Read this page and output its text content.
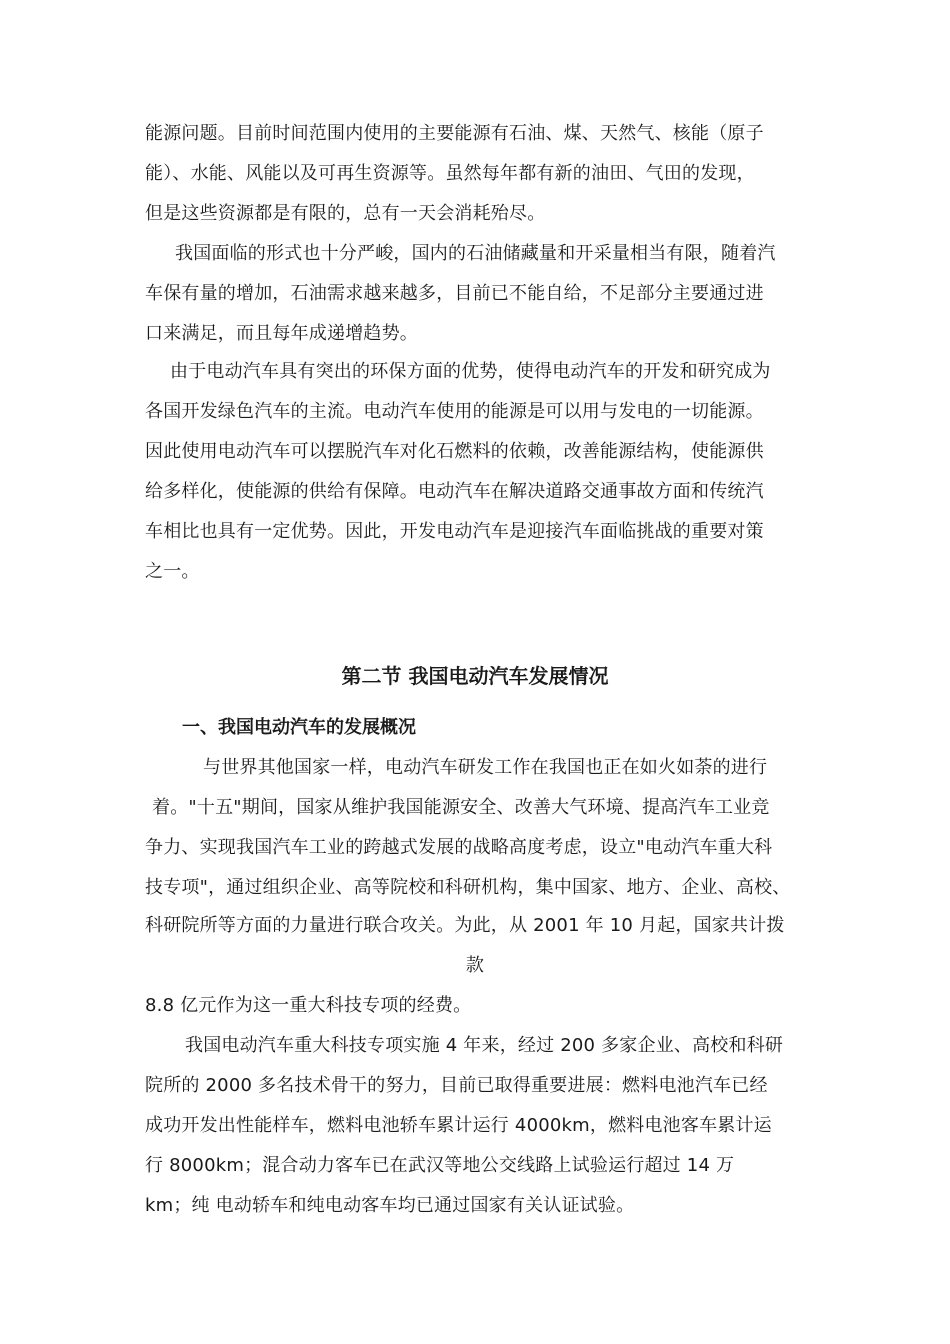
能源问题。目前时间范围内使用的主要能源有石油、煤、天然气、核能（原子
能）、水能、风能以及可再生资源等。虽然每年都有新的油田、气田的发现，
但是这些资源都是有限的，总有一天会消耗殆尽。
我国面临的形式也十分严峻，国内的石油储藏量和开采量相当有限，随着汽
车保有量的增加，石油需求越来越多，目前已不能自给，不足部分主要通过进
口来满足，而且每年成递增趋势。
由于电动汽车具有突出的环保方面的优势，使得电动汽车的开发和研究成为
各国开发绿色汽车的主流。电动汽车使用的能源是可以用与发电的一切能源。
因此使用电动汽车可以摆脱汽车对化石燃料的依赖，改善能源结构，使能源供
给多样化，使能源的供给有保障。电动汽车在解决道路交通事故方面和传统汽
车相比也具有一定优势。因此，开发电动汽车是迎接汽车面临挑战的重要对策
之一。
第二节 我国电动汽车发展情况
一、我国电动汽车的发展概况
与世界其他国家一样，电动汽车研发工作在我国也正在如火如荼的进行
着。"十五"期间，国家从维护我国能源安全、改善大气环境、提高汽车工业竞
争力、实现我国汽车工业的跨越式发展的战略高度考虑，设立"电动汽车重大科
技专项"，通过组织企业、高等院校和科研机构，集中国家、地方、企业、高校、
科研院所等方面的力量进行联合攻关。为此，从 2001 年 10 月起，国家共计拨
款
8.8 亿元作为这一重大科技专项的经费。
我国电动汽车重大科技专项实施 4 年来，经过 200 多家企业、高校和科研
院所的 2000 多名技术骨干的努力，目前已取得重要进展：燃料电池汽车已经
成功开发出性能样车，燃料电池轿车累计运行 4000km，燃料电池客车累计运
行 8000km；混合动力客车已在武汉等地公交线路上试验运行超过 14 万
km；纯 电动轿车和纯电动客车均已通过国家有关认证试验。
